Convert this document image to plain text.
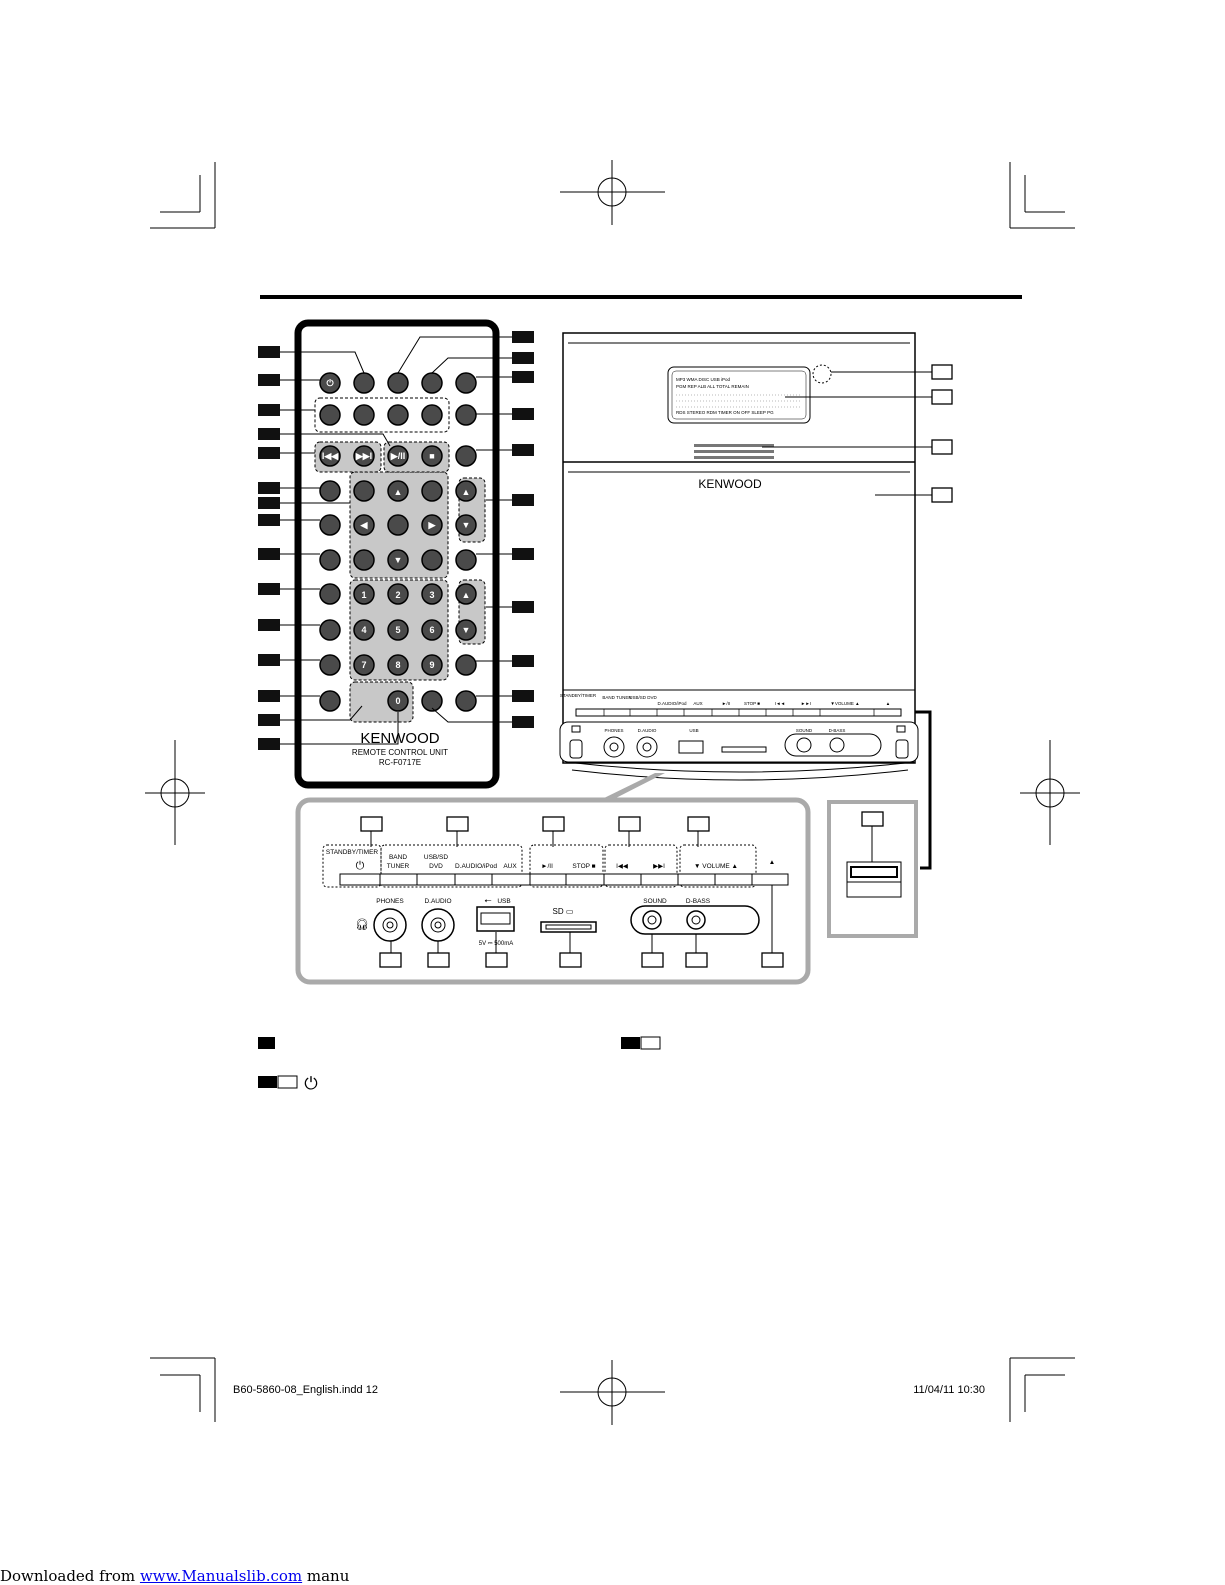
⏻
I◀◀ ▶▶I ▶/II	■
▲	▲
◀	▶	▼
▼
▲
▼
1	2	3
4	5	6
7	8	9
0
KENWOOD
REMOTE CONTROL UNIT
RC-F0717E
MP3 WMA DISC USB iPod
PGM REP ALB ALL TOTAL REMAIN
RDS STEREO RDM TIMER ON OFF SLEEP PG
KENWOOD
STANDBY/TIMER BAND TUNER
USB/SD DVD
D.AUDIO/iPod AUX	►/II	STOP ■	I◄◄	►►I	▼VOLUME ▲	▲
PHONES	D.AUDIO	USB	SOUND	D-BASS
STANDBY/TIMER
⏻
BAND
TUNER
USB/SD
DVD D.AUDIO/iPod AUX	►/II	STOP ■	I◀◀	▶▶I	▼ VOLUME ▲
▲
PHONES	D.AUDIO	USB
5V ⎓ 500mA
SOUND	D-BASS
🎧︎
⭠
SD ▭
⏻
B60-5860-08_English.indd 12	11/04/11 10:30
Downloaded from www.Manualslib.com manu
